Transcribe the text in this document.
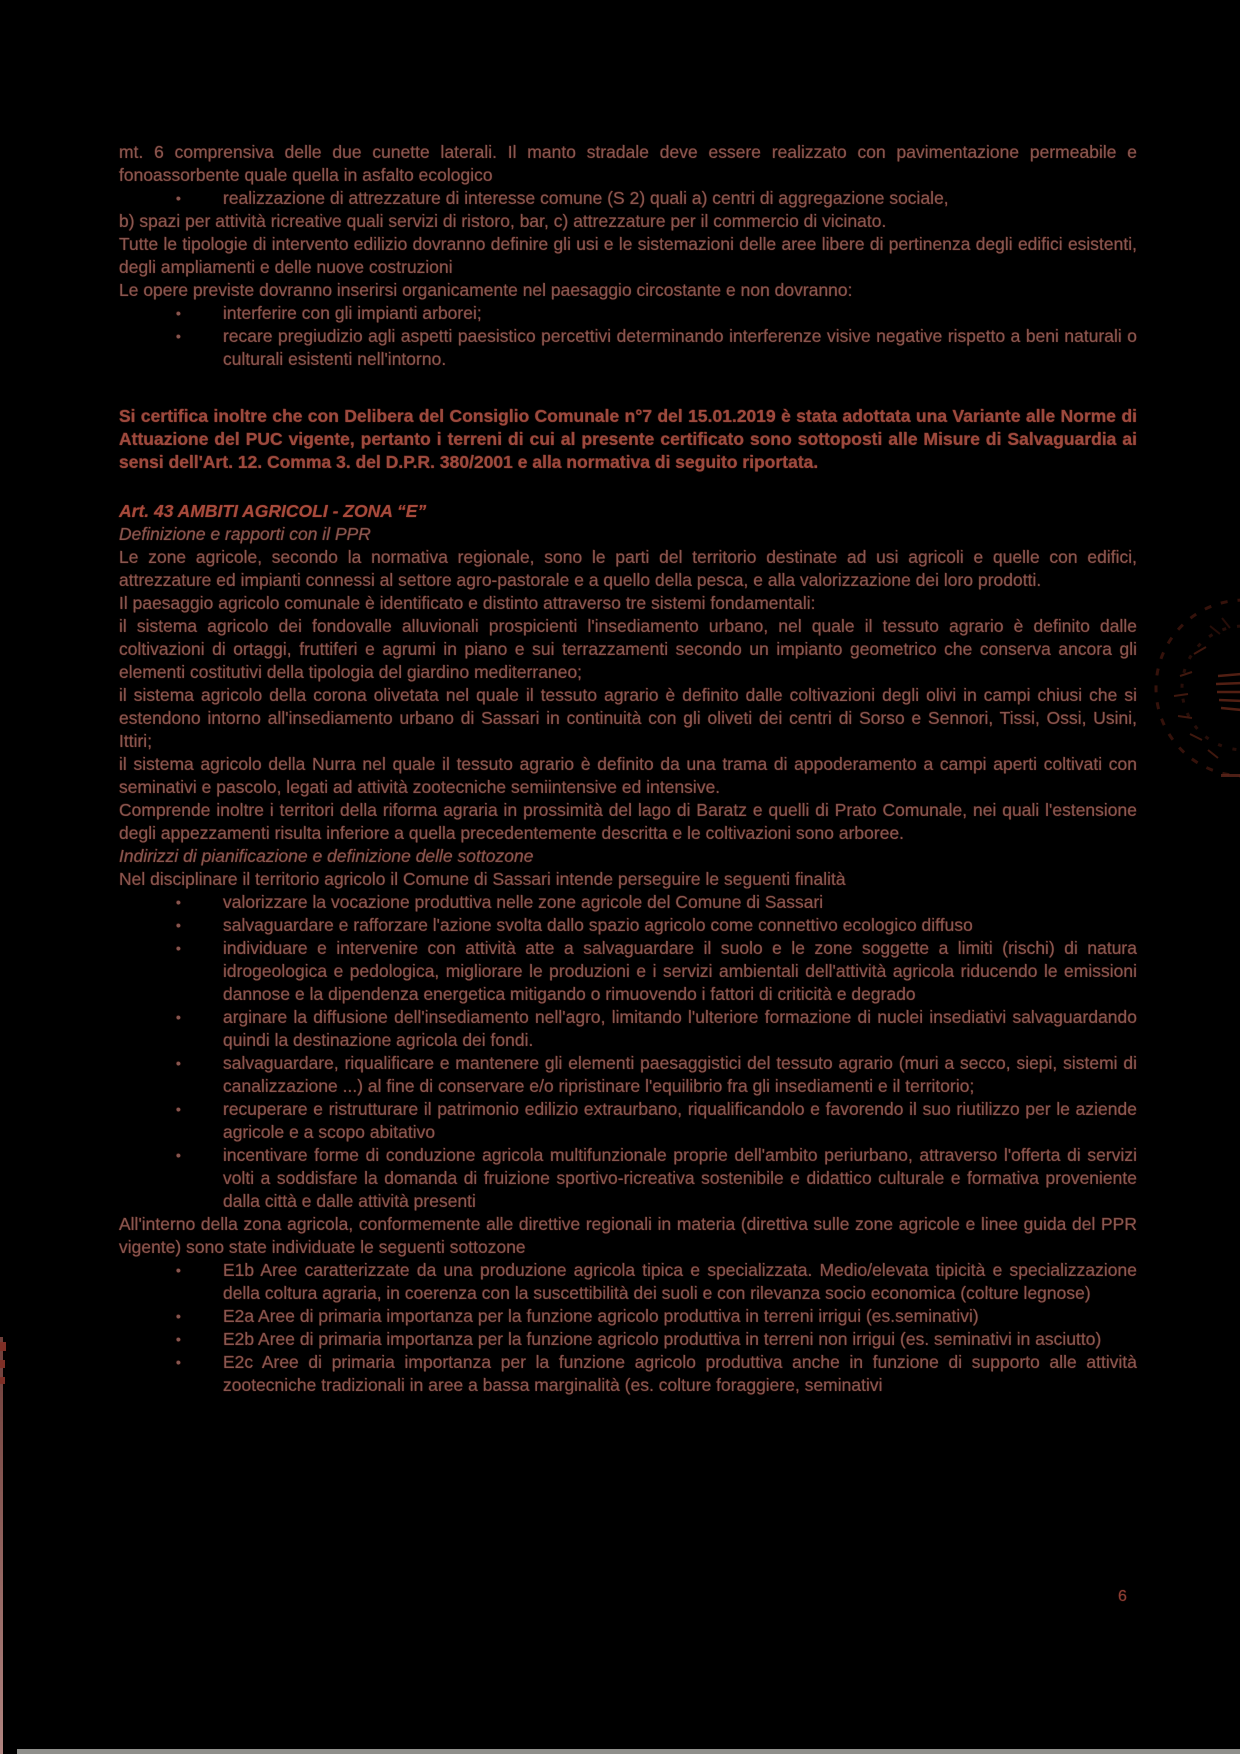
mt. 6 comprensiva delle due cunette laterali. Il manto stradale deve essere realizzato con pavimentazione permeabile e fonoassorbente quale quella in asfalto ecologico
• realizzazione di attrezzature di interesse comune (S 2) quali a) centri di aggregazione sociale,
b) spazi per attività ricreative quali servizi di ristoro, bar, c) attrezzature per il commercio di vicinato.
Tutte le tipologie di intervento edilizio dovranno definire gli usi e le sistemazioni delle aree libere di pertinenza degli edifici esistenti, degli ampliamenti e delle nuove costruzioni
Le opere previste dovranno inserirsi organicamente nel paesaggio circostante e non dovranno:
• interferire con gli impianti arborei;
• recare pregiudizio agli aspetti paesistico percettivi determinando interferenze visive negative rispetto a beni naturali o culturali esistenti nell'intorno.
Si certifica inoltre che con Delibera del Consiglio Comunale n°7 del 15.01.2019 è stata adottata una Variante alle Norme di Attuazione del PUC vigente, pertanto i terreni di cui al presente certificato sono sottoposti alle Misure di Salvaguardia ai sensi dell'Art. 12. Comma 3. del D.P.R. 380/2001 e alla normativa di seguito riportata.
Art. 43 AMBITI AGRICOLI - ZONA “E”
Definizione e rapporti con il PPR
Le zone agricole, secondo la normativa regionale, sono le parti del territorio destinate ad usi agricoli e quelle con edifici, attrezzature ed impianti connessi al settore agro-pastorale e a quello della pesca, e alla valorizzazione dei loro prodotti.
Il paesaggio agricolo comunale è identificato e distinto attraverso tre sistemi fondamentali:
il sistema agricolo dei fondovalle alluvionali prospicienti l'insediamento urbano, nel quale il tessuto agrario è definito dalle coltivazioni di ortaggi, fruttiferi e agrumi in piano e sui terrazzamenti secondo un impianto geometrico che conserva ancora gli elementi costitutivi della tipologia del giardino mediterraneo;
il sistema agricolo della corona olivetata nel quale il tessuto agrario è definito dalle coltivazioni degli olivi in campi chiusi che si estendono intorno all'insediamento urbano di Sassari in continuità con gli oliveti dei centri di Sorso e Sennori, Tissi, Ossi, Usini, Ittiri;
il sistema agricolo della Nurra nel quale il tessuto agrario è definito da una trama di appoderamento a campi aperti coltivati con seminativi e pascolo, legati ad attività zootecniche semiintensive ed intensive.
Comprende inoltre i territori della riforma agraria in prossimità del lago di Baratz e quelli di Prato Comunale, nei quali l'estensione degli appezzamenti risulta inferiore a quella precedentemente descritta e le coltivazioni sono arboree.
Indirizzi di pianificazione e definizione delle sottozone
Nel disciplinare il territorio agricolo il Comune di Sassari intende perseguire le seguenti finalità
• valorizzare la vocazione produttiva nelle zone agricole del Comune di Sassari
• salvaguardare e rafforzare l'azione svolta dallo spazio agricolo come connettivo ecologico diffuso
• individuare e intervenire con attività atte a salvaguardare il suolo e le zone soggette a limiti (rischi) di natura idrogeologica e pedologica, migliorare le produzioni e i servizi ambientali dell'attività agricola riducendo le emissioni dannose e la dipendenza energetica mitigando o rimuovendo i fattori di criticità e degrado
• arginare la diffusione dell'insediamento nell'agro, limitando l'ulteriore formazione di nuclei insediativi salvaguardando quindi la destinazione agricola dei fondi.
• salvaguardare, riqualificare e mantenere gli elementi paesaggistici del tessuto agrario (muri a secco, siepi, sistemi di canalizzazione ...) al fine di conservare e/o ripristinare l'equilibrio fra gli insediamenti e il territorio;
• recuperare e ristrutturare il patrimonio edilizio extraurbano, riqualificandolo e favorendo il suo riutilizzo per le aziende agricole e a scopo abitativo
• incentivare forme di conduzione agricola multifunzionale proprie dell'ambito periurbano, attraverso l'offerta di servizi volti a soddisfare la domanda di fruizione sportivo-ricreativa sostenibile e didattico culturale e formativa proveniente dalla città e dalle attività presenti
All'interno della zona agricola, conformemente alle direttive regionali in materia (direttiva sulle zone agricole e linee guida del PPR vigente) sono state individuate le seguenti sottozone
• E1b Aree caratterizzate da una produzione agricola tipica e specializzata. Medio/elevata tipicità e specializzazione della coltura agraria, in coerenza con la suscettibilità dei suoli e con rilevanza socio economica (colture legnose)
• E2a Aree di primaria importanza per la funzione agricolo produttiva in terreni irrigui (es.seminativi)
• E2b Aree di primaria importanza per la funzione agricolo produttiva in terreni non irrigui (es. seminativi in asciutto)
• E2c Aree di primaria importanza per la funzione agricolo produttiva anche in funzione di supporto alle attività zootecniche tradizionali in aree a bassa marginalità (es. colture foraggiere, seminativi
6
